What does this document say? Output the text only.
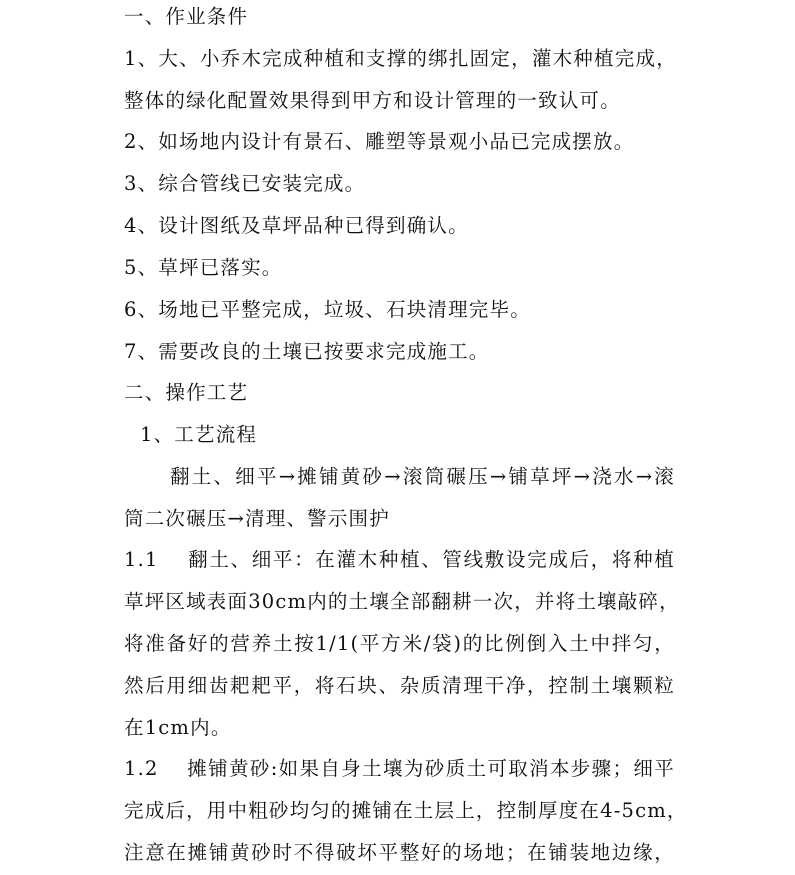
一、作业条件
1、大、小乔木完成种植和支撑的绑扎固定，灌木种植完成，
整体的绿化配置效果得到甲方和设计管理的一致认可。
2、如场地内设计有景石、雕塑等景观小品已完成摆放。
3、综合管线已安装完成。
4、设计图纸及草坪品种已得到确认。
5、草坪已落实。
6、场地已平整完成，垃圾、石块清理完毕。
7、需要改良的土壤已按要求完成施工。
二、操作工艺
1、工艺流程
翻土、细平→摊铺黄砂→滚筒碾压→铺草坪→浇水→滚
筒二次碾压→清理、警示围护
1.1　 翻土、细平：在灌木种植、管线敷设完成后，将种植
草坪区域表面30cm内的土壤全部翻耕一次，并将土壤敲碎，
将准备好的营养土按1/1(平方米/袋)的比例倒入土中拌匀，
然后用细齿耙耙平，将石块、杂质清理干净，控制土壤颗粒
在1cm内。
1.2　 摊铺黄砂:如果自身土壤为砂质土可取消本步骤；细平
完成后，用中粗砂均匀的摊铺在土层上，控制厚度在4-5cm，
注意在摊铺黄砂时不得破坏平整好的场地；在铺装地边缘，
